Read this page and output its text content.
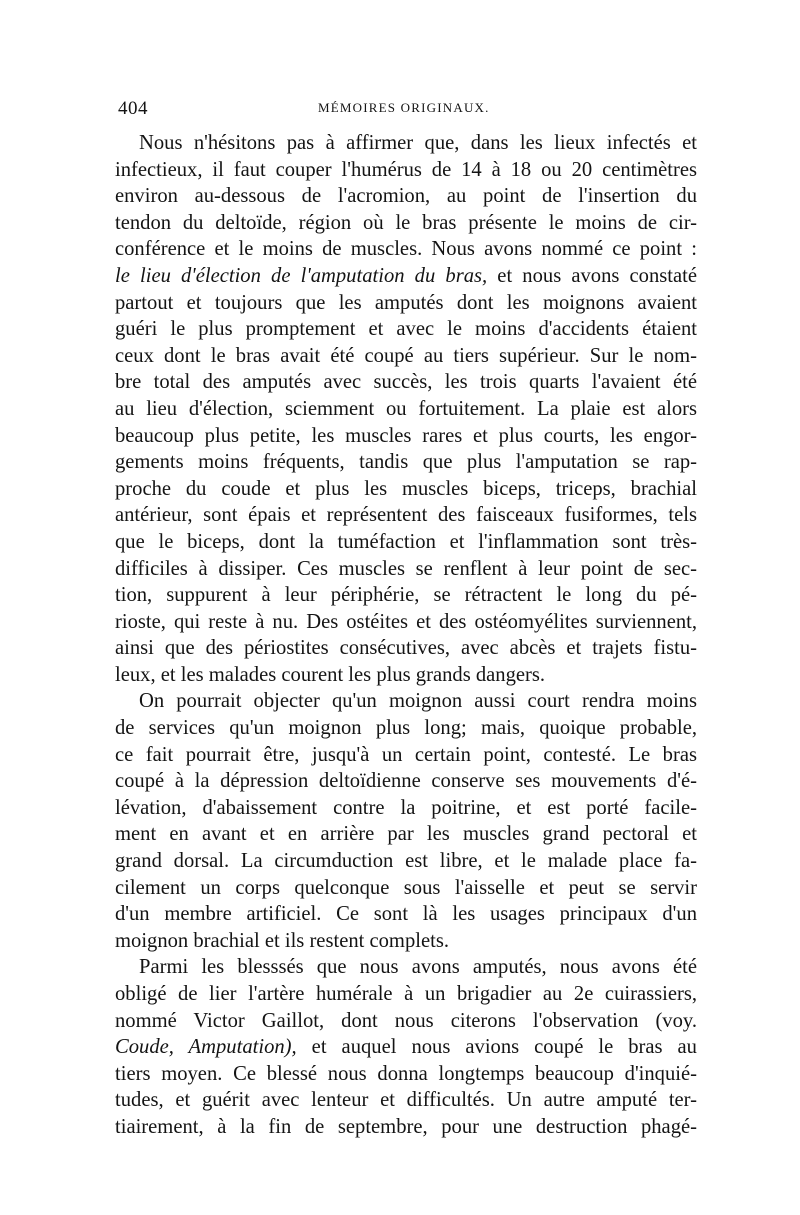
404	MÉMOIRES ORIGINAUX.
Nous n'hésitons pas à affirmer que, dans les lieux infectés et
infectieux, il faut couper l'humérus de 14 à 18 ou 20 centimètres
environ au-dessous de l'acromion, au point de l'insertion du
tendon du deltoïde, région où le bras présente le moins de cir-
conférence et le moins de muscles. Nous avons nommé ce point :
le lieu d'élection de l'amputation du bras, et nous avons constaté
partout et toujours que les amputés dont les moignons avaient
guéri le plus promptement et avec le moins d'accidents étaient
ceux dont le bras avait été coupé au tiers supérieur. Sur le nom-
bre total des amputés avec succès, les trois quarts l'avaient été
au lieu d'élection, sciemment ou fortuitement. La plaie est alors
beaucoup plus petite, les muscles rares et plus courts, les engor-
gements moins fréquents, tandis que plus l'amputation se rap-
proche du coude et plus les muscles biceps, triceps, brachial
antérieur, sont épais et représentent des faisceaux fusiformes, tels
que le biceps, dont la tuméfaction et l'inflammation sont très-
difficiles à dissiper. Ces muscles se renflent à leur point de sec-
tion, suppurent à leur périphérie, se rétractent le long du pé-
rioste, qui reste à nu. Des ostéites et des ostéomyélites surviennent,
ainsi que des périostites consécutives, avec abcès et trajets fistu-
leux, et les malades courent les plus grands dangers.
On pourrait objecter qu'un moignon aussi court rendra moins
de services qu'un moignon plus long; mais, quoique probable,
ce fait pourrait être, jusqu'à un certain point, contesté. Le bras
coupé à la dépression deltoïdienne conserve ses mouvements d'é-
lévation, d'abaissement contre la poitrine, et est porté facile-
ment en avant et en arrière par les muscles grand pectoral et
grand dorsal. La circumduction est libre, et le malade place fa-
cilement un corps quelconque sous l'aisselle et peut se servir
d'un membre artificiel. Ce sont là les usages principaux d'un
moignon brachial et ils restent complets.
Parmi les blesssés que nous avons amputés, nous avons été
obligé de lier l'artère humérale à un brigadier au 2e cuirassiers,
nommé Victor Gaillot, dont nous citerons l'observation (voy.
Coude, Amputation), et auquel nous avions coupé le bras au
tiers moyen. Ce blessé nous donna longtemps beaucoup d'inquié-
tudes, et guérit avec lenteur et difficultés. Un autre amputé ter-
tiairement, à la fin de septembre, pour une destruction phagé-
